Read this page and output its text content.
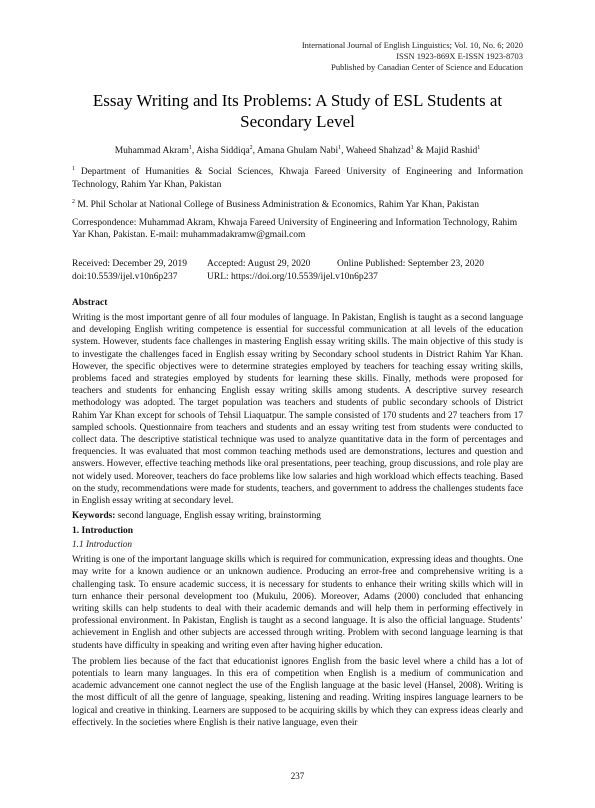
International Journal of English Linguistics; Vol. 10, No. 6; 2020
ISSN 1923-869X E-ISSN 1923-8703
Published by Canadian Center of Science and Education
Essay Writing and Its Problems: A Study of ESL Students at
Secondary Level
Muhammad Akram$^1$, Aisha Siddiqa$^2$, Amana Ghulam Nabi$^1$, Waheed Shahzad$^1$ & Majid Rashid$^1$
$^1$ Department of Humanities & Social Sciences, Khwaja Fareed University of Engineering and Information Technology, Rahim Yar Khan, Pakistan
$^2$ M. Phil Scholar at National College of Business Administration & Economics, Rahim Yar Khan, Pakistan
Correspondence: Muhammad Akram, Khwaja Fareed University of Engineering and Information Technology, Rahim Yar Khan, Pakistan. E-mail: muhammadakramw@gmail.com
Received: December 29, 2019	Accepted: August 29, 2020	Online Published: September 23, 2020
doi:10.5539/ijel.v10n6p237	URL: https://doi.org/10.5539/ijel.v10n6p237
Abstract
Writing is the most important genre of all four modules of language. In Pakistan, English is taught as a second language and developing English writing competence is essential for successful communication at all levels of the education system. However, students face challenges in mastering English essay writing skills. The main objective of this study is to investigate the challenges faced in English essay writing by Secondary school students in District Rahim Yar Khan. However, the specific objectives were to determine strategies employed by teachers for teaching essay writing skills, problems faced and strategies employed by students for learning these skills. Finally, methods were proposed for teachers and students for enhancing English essay writing skills among students. A descriptive survey research methodology was adopted. The target population was teachers and students of public secondary schools of District Rahim Yar Khan except for schools of Tehsil Liaquatpur. The sample consisted of 170 students and 27 teachers from 17 sampled schools. Questionnaire from teachers and students and an essay writing test from students were conducted to collect data. The descriptive statistical technique was used to analyze quantitative data in the form of percentages and frequencies. It was evaluated that most common teaching methods used are demonstrations, lectures and question and answers. However, effective teaching methods like oral presentations, peer teaching, group discussions, and role play are not widely used. Moreover, teachers do face problems like low salaries and high workload which effects teaching. Based on the study, recommendations were made for students, teachers, and government to address the challenges students face in English essay writing at secondary level.
Keywords: second language, English essay writing, brainstorming
1. Introduction
1.1 Introduction
Writing is one of the important language skills which is required for communication, expressing ideas and thoughts. One may write for a known audience or an unknown audience. Producing an error-free and comprehensive writing is a challenging task. To ensure academic success, it is necessary for students to enhance their writing skills which will in turn enhance their personal development too (Mukulu, 2006). Moreover, Adams (2000) concluded that enhancing writing skills can help students to deal with their academic demands and will help them in performing effectively in professional environment. In Pakistan, English is taught as a second language. It is also the official language. Students’ achievement in English and other subjects are accessed through writing. Problem with second language learning is that students have difficulty in speaking and writing even after having higher education.
The problem lies because of the fact that educationist ignores English from the basic level where a child has a lot of potentials to learn many languages. In this era of competition when English is a medium of communication and academic advancement one cannot neglect the use of the English language at the basic level (Hansel, 2008). Writing is the most difficult of all the genre of language, speaking, listening and reading. Writing inspires language learners to be logical and creative in thinking. Learners are supposed to be acquiring skills by which they can express ideas clearly and effectively. In the societies where English is their native language, even their
237
